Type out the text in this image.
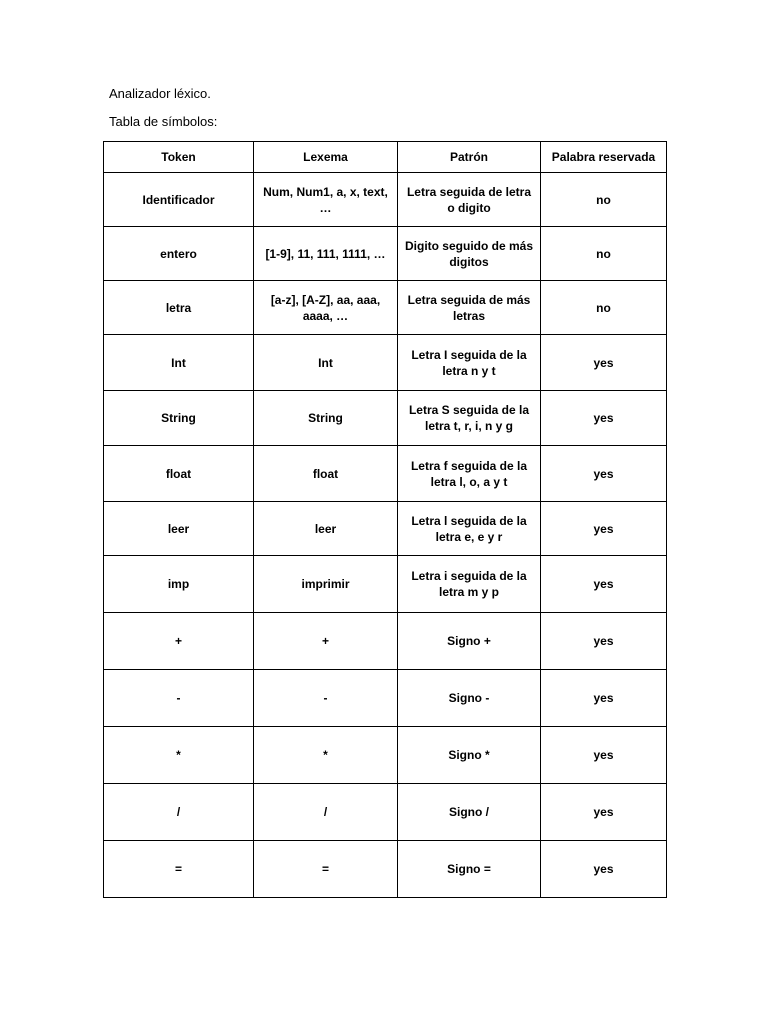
Analizador léxico.
Tabla de símbolos:
Token	Lexema	Patrón	Palabra reservada
Identificador	Num, Num1, a, x, text, …	Letra seguida de letra o digito	no
entero	[1-9], 11, 111, 1111, …	Digito seguido de más digitos	no
letra	[a-z], [A-Z], aa, aaa, aaaa, …	Letra seguida de más letras	no
Int	Int	Letra I seguida de la letra n y t	yes
String	String	Letra S seguida de la letra t, r, i, n y g	yes
float	float	Letra f seguida de la letra l, o, a y t	yes
leer	leer	Letra l seguida de la letra e, e y r	yes
imp	imprimir	Letra i seguida de la letra m y p	yes
+	+	Signo +	yes
-	-	Signo -	yes
*	*	Signo *	yes
/	/	Signo /	yes
=	=	Signo =	yes
